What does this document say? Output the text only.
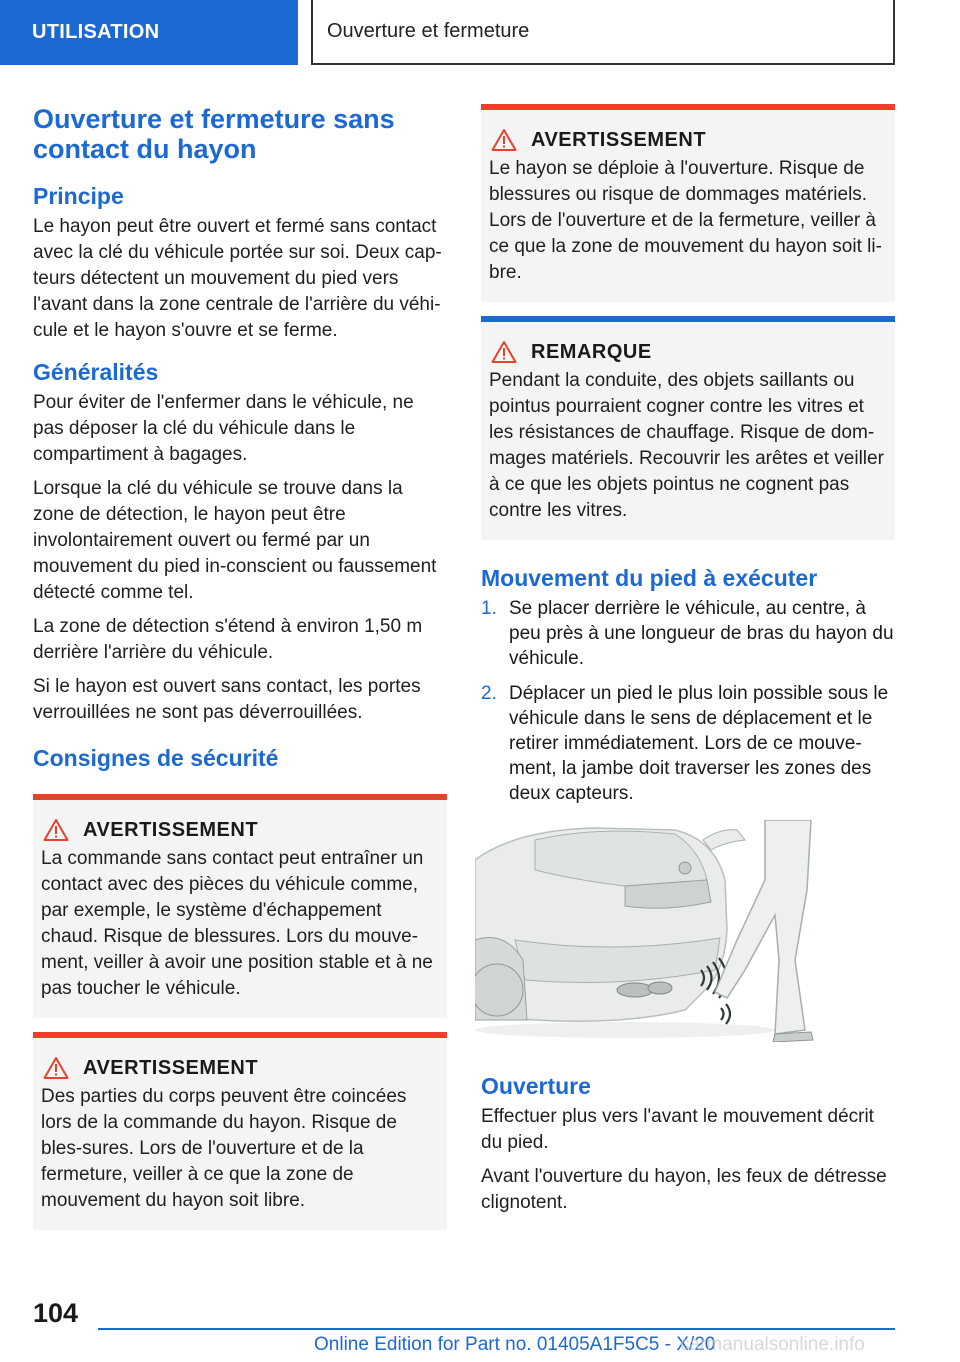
UTILISATION	Ouverture et fermeture
Ouverture et fermeture sans contact du hayon
Principe

Le hayon peut être ouvert et fermé sans contact avec la clé du véhicule portée sur soi. Deux cap-teurs détectent un mouvement du pied vers l'avant dans la zone centrale de l'arrière du véhi-cule et le hayon s'ouvre et se ferme.

Généralités

Pour éviter de l'enfermer dans le véhicule, ne pas déposer la clé du véhicule dans le compartiment à bagages.

Lorsque la clé du véhicule se trouve dans la zone de détection, le hayon peut être involontairement ouvert ou fermé par un mouvement du pied in-conscient ou faussement détecté comme tel.

La zone de détection s'étend à environ 1,50 m derrière l'arrière du véhicule.

Si le hayon est ouvert sans contact, les portes verrouillées ne sont pas déverrouillées.

Consignes de sécurité
AVERTISSEMENT

La commande sans contact peut entraîner un contact avec des pièces du véhicule comme, par exemple, le système d'échappement chaud. Risque de blessures. Lors du mouve-ment, veiller à avoir une position stable et à ne pas toucher le véhicule.

AVERTISSEMENT

Des parties du corps peuvent être coincées lors de la commande du hayon. Risque de bles-sures. Lors de l'ouverture et de la fermeture, veiller à ce que la zone de mouvement du hayon soit libre.

AVERTISSEMENT

Le hayon se déploie à l'ouverture. Risque de blessures ou risque de dommages matériels. Lors de l'ouverture et de la fermeture, veiller à ce que la zone de mouvement du hayon soit li-bre.

REMARQUE

Pendant la conduite, des objets saillants ou pointus pourraient cogner contre les vitres et les résistances de chauffage. Risque de dom-mages matériels. Recouvrir les arêtes et veiller à ce que les objets pointus ne cognent pas contre les vitres.

Mouvement du pied à exécuter
1. Se placer derrière le véhicule, au centre, à peu près à une longueur de bras du hayon du véhicule.
2. Déplacer un pied le plus loin possible sous le véhicule dans le sens de déplacement et le retirer immédiatement. Lors de ce mouve-ment, la jambe doit traverser les zones des deux capteurs.
Ouverture

Effectuer plus vers l'avant le mouvement décrit du pied.

Avant l'ouverture du hayon, les feux de détresse clignotent.

104
Online Edition for Part no. 01405A1F5C5 - X/20
carmanualsonline.info
